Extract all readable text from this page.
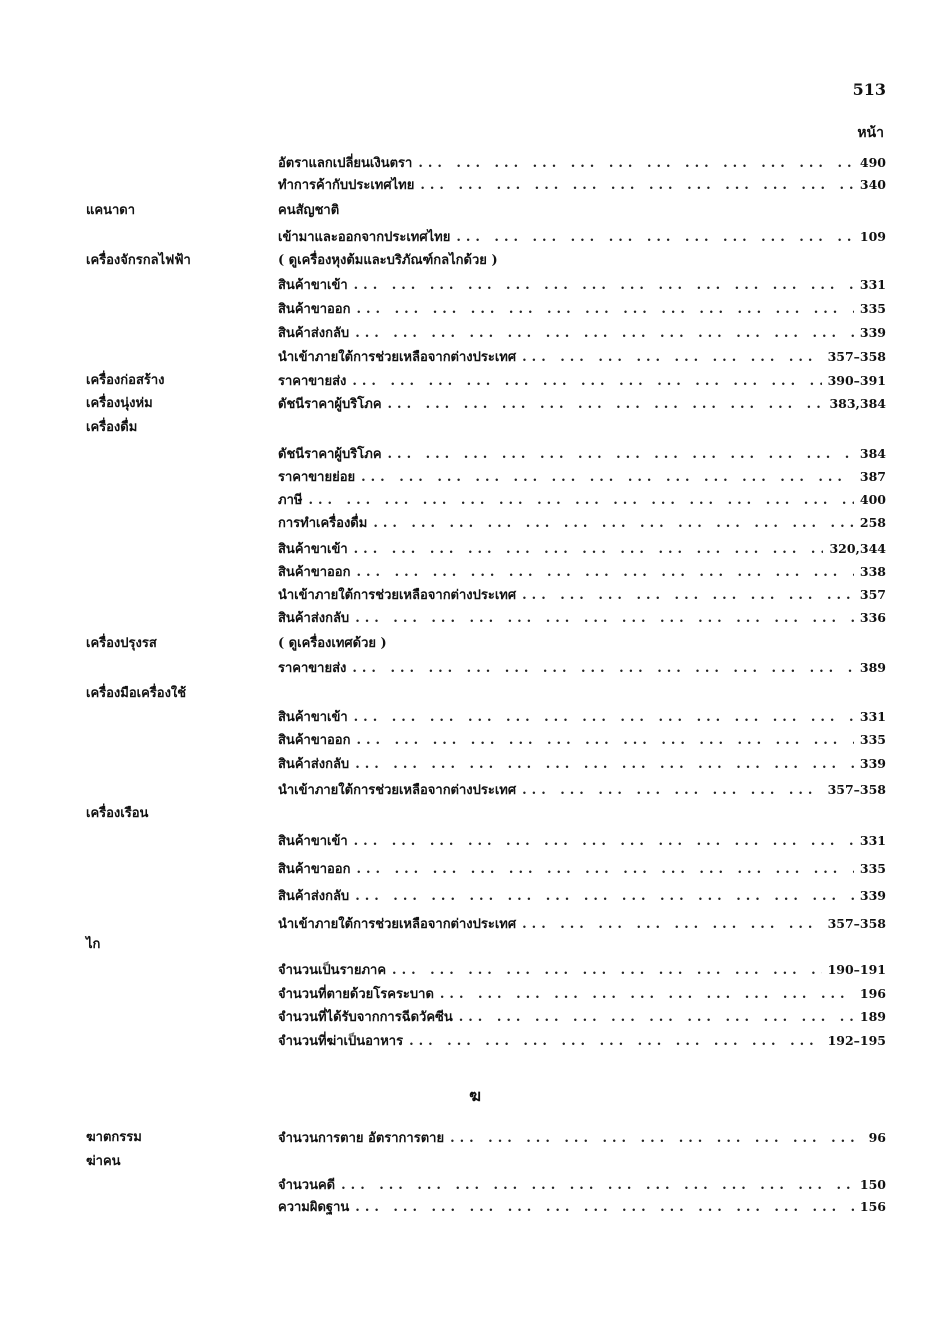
513
หน้า
อัตราแลกเปลี่ยนเงินตรา ... .	490
ทำการค้ากับประเทศไทย ... .	340
แคนาดา	คนสัญชาติ
เข้ามาและออกจากประเทศไทย ... .	109
เครื่องจักรกลไฟฟ้า	( ดูเครื่องหุงต้มและบริภัณฑ์กลไกด้วย )
สินค้าขาเข้า ... .	331
สินค้าขาออก ... .	335
สินค้าส่งกลับ ... .	339
นำเข้าภายใต้การช่วยเหลือจากต่างประเทศ ... .	357–358
เครื่องก่อสร้าง	ราคาขายส่ง ... .	390–391
เครื่องนุ่งห่ม	ดัชนีราคาผู้บริโภค ... .	383,384
เครื่องดื่ม
ดัชนีราคาผู้บริโภค ... .	384
ราคาขายย่อย ... .	387
ภาษี ... .	400
การทำเครื่องดื่ม ... .	258
สินค้าขาเข้า ... .	320,344
สินค้าขาออก ... .	338
นำเข้าภายใต้การช่วยเหลือจากต่างประเทศ ... .	357
สินค้าส่งกลับ ... .	336
เครื่องปรุงรส	( ดูเครื่องเทศด้วย )
ราคาขายส่ง ... .	389
เครื่องมือเครื่องใช้
สินค้าขาเข้า ... .	331
สินค้าขาออก ... .	335
สินค้าส่งกลับ ... .	339
นำเข้าภายใต้การช่วยเหลือจากต่างประเทศ ... .	357–358
เครื่องเรือน
สินค้าขาเข้า ... .	331
สินค้าขาออก ... .	335
สินค้าส่งกลับ ... .	339
นำเข้าภายใต้การช่วยเหลือจากต่างประเทศ ... .	357–358
ไก
จำนวนเป็นรายภาค ... .	190–191
จำนวนที่ตายด้วยโรคระบาด ... .	196
จำนวนที่ได้รับจากการฉีดวัคซีน ... .	189
จำนวนที่ฆ่าเป็นอาหาร ... .	192–195
ฆาตกรรม	จำนวนการตาย อัตราการตาย ... .	96
ฆ่าคน
จำนวนคดี ... .	150
ความผิดฐาน ... .	156
ฆ
